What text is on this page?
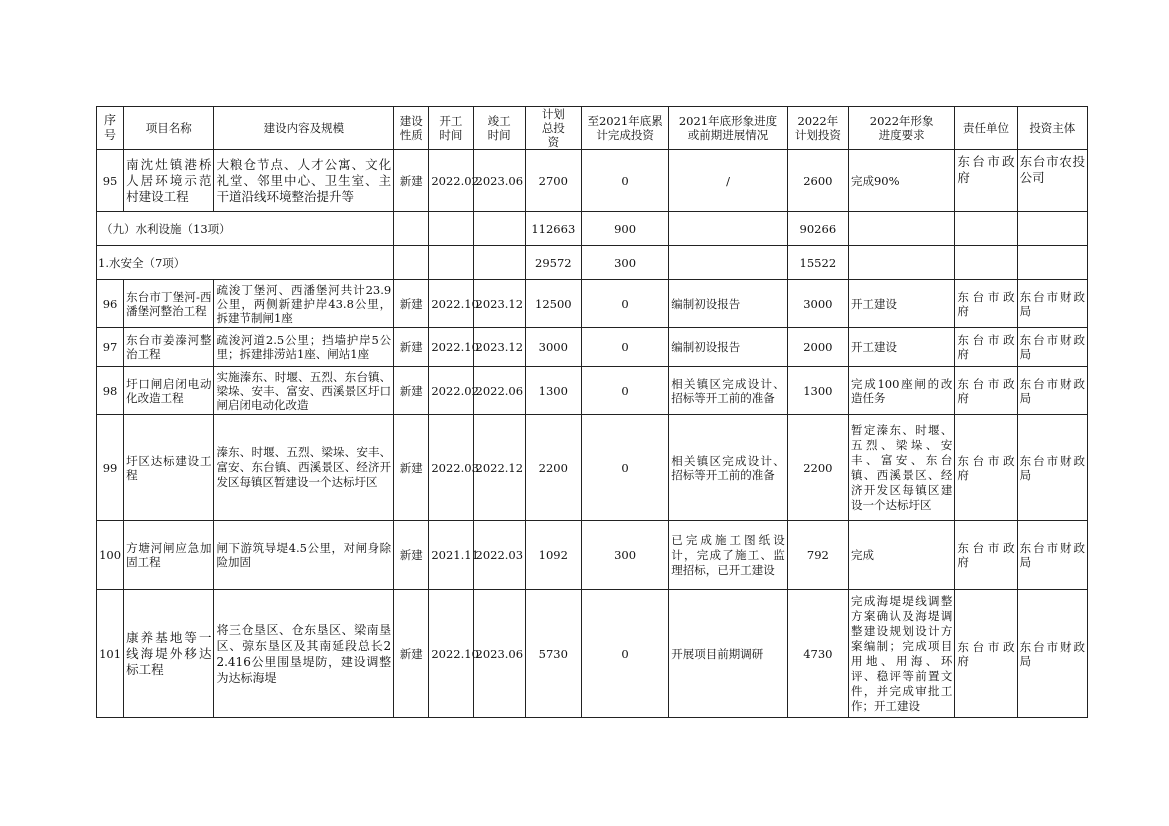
序号	项目名称	建设内容及规模	建设性质	开工时间	竣工时间	计划总投资	至2021年底累计完成投资	2021年底形象进度或前期进展情况	2022年计划投资	2022年形象进度要求	责任单位	投资主体
95	南沈灶镇港桥人居环境示范村建设工程	大粮仓节点、人才公寓、文化礼堂、邻里中心、卫生室、主干道沿线环境整治提升等	新建	2022.02	2023.06	2700	0	/	2600	完成90%	东台市政府	东台市农投公司
（九）水利设施（13项）						112663	900		90266			
1.水安全（7项）						29572	300		15522			
96	东台市丁堡河-西潘堡河整治工程	疏浚丁堡河、西潘堡河共计23.9公里，两侧新建护岸43.8公里，拆建节制闸1座	新建	2022.10	2023.12	12500	0	编制初设报告	3000	开工建设	东台市政府	东台市财政局
97	东台市姜溱河整治工程	疏浚河道2.5公里；挡墙护岸5公里；拆建排涝站1座、闸站1座	新建	2022.10	2023.12	3000	0	编制初设报告	2000	开工建设	东台市政府	东台市财政局
98	圩口闸启闭电动化改造工程	实施溱东、时堰、五烈、东台镇、梁垛、安丰、富安、西溪景区圩口闸启闭电动化改造	新建	2022.02	2022.06	1300	0	相关镇区完成设计、招标等开工前的准备	1300	完成100座闸的改造任务	东台市政府	东台市财政局
99	圩区达标建设工程	溱东、时堰、五烈、梁垛、安丰、富安、东台镇、西溪景区、经济开发区每镇区暂建设一个达标圩区	新建	2022.03	2022.12	2200	0	相关镇区完成设计、招标等开工前的准备	2200	暂定溱东、时堰、五烈、梁垛、安丰、富安、东台镇、西溪景区、经济开发区每镇区建设一个达标圩区	东台市政府	东台市财政局
100	方塘河闸应急加固工程	闸下游筑导堤4.5公里，对闸身除险加固	新建	2021.11	2022.03	1092	300	已完成施工图纸设计，完成了施工、监理招标，已开工建设	792	完成	东台市政府	东台市财政局
101	康养基地等一线海堤外移达标工程	将三仓垦区、仓东垦区、梁南垦区、弶东垦区及其南延段总长22.416公里围垦堤防，建设调整为达标海堤	新建	2022.10	2023.06	5730	0	开展项目前期调研	4730	完成海堤堤线调整方案确认及海堤调整建设规划设计方案编制；完成项目用地、用海、环评、稳评等前置文件，并完成审批工作；开工建设	东台市政府	东台市财政局
